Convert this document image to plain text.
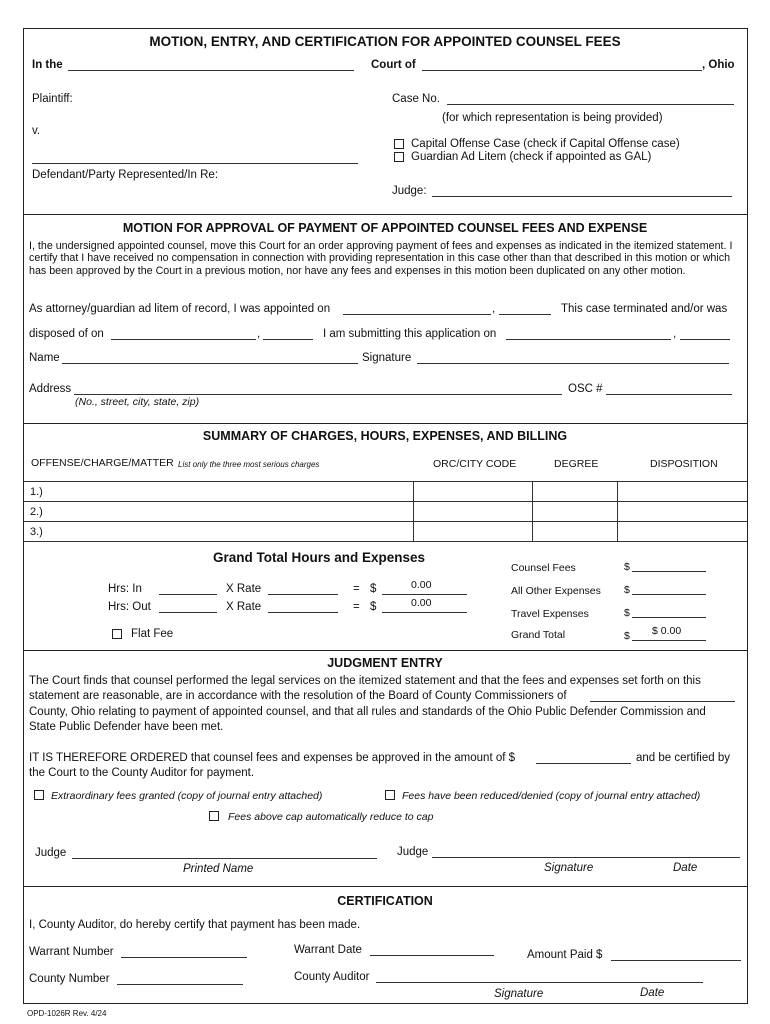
MOTION, ENTRY, AND CERTIFICATION FOR APPOINTED COUNSEL FEES
In the	Court of	, Ohio
Plaintiff:	Case No.
(for which representation is being provided)
v.
Capital Offense Case (check if Capital Offense case)
Guardian Ad Litem (check if appointed as GAL)
Defendant/Party Represented/In Re:
Judge:
MOTION FOR APPROVAL OF PAYMENT OF APPOINTED COUNSEL FEES AND EXPENSE
I, the undersigned appointed counsel, move this Court for an order approving payment of fees and expenses as indicated in the itemized statement. I certify that I have received no compensation in connection with providing representation in this case other than that described in this motion or which has been approved by the Court in a previous motion, nor have any fees and expenses in this motion been duplicated on any other motion.
As attorney/guardian ad litem of record, I was appointed on	,	This case terminated and/or was
disposed of on	,	I am submitting this application on	,
Name	Signature
Address	OSC #
(No., street, city, state, zip)
SUMMARY OF CHARGES, HOURS, EXPENSES, AND BILLING
OFFENSE/CHARGE/MATTER List only the three most serious charges	ORC/CITY CODE	DEGREE	DISPOSITION
1.)			
2.)			
3.)			
Grand Total Hours and Expenses
Hrs: In	X Rate	= $	0.00
Hrs: Out	X Rate	= $	0.00
Flat Fee
Counsel Fees	$
All Other Expenses $
Travel Expenses	$
Grand Total	$ $ 0.00
JUDGMENT ENTRY
The Court finds that counsel performed the legal services on the itemized statement and that the fees and expenses set forth on this
statement are reasonable, are in accordance with the resolution of the Board of County Commissioners of
County, Ohio relating to payment of appointed counsel, and that all rules and standards of the Ohio Public Defender Commission and
State Public Defender have been met.
IT IS THEREFORE ORDERED that counsel fees and expenses be approved in the amount of $	and be certified by
the Court to the County Auditor for payment.
Extraordinary fees granted (copy of journal entry attached)	Fees have been reduced/denied (copy of journal entry attached)
Fees above cap automatically reduce to cap
Judge	Judge
Printed Name	Signature	Date
CERTIFICATION
I, County Auditor, do hereby certify that payment has been made.
Warrant Number	Warrant Date	Amount Paid $
County Number	County Auditor
Signature	Date
OPD-1026R Rev. 4/24
